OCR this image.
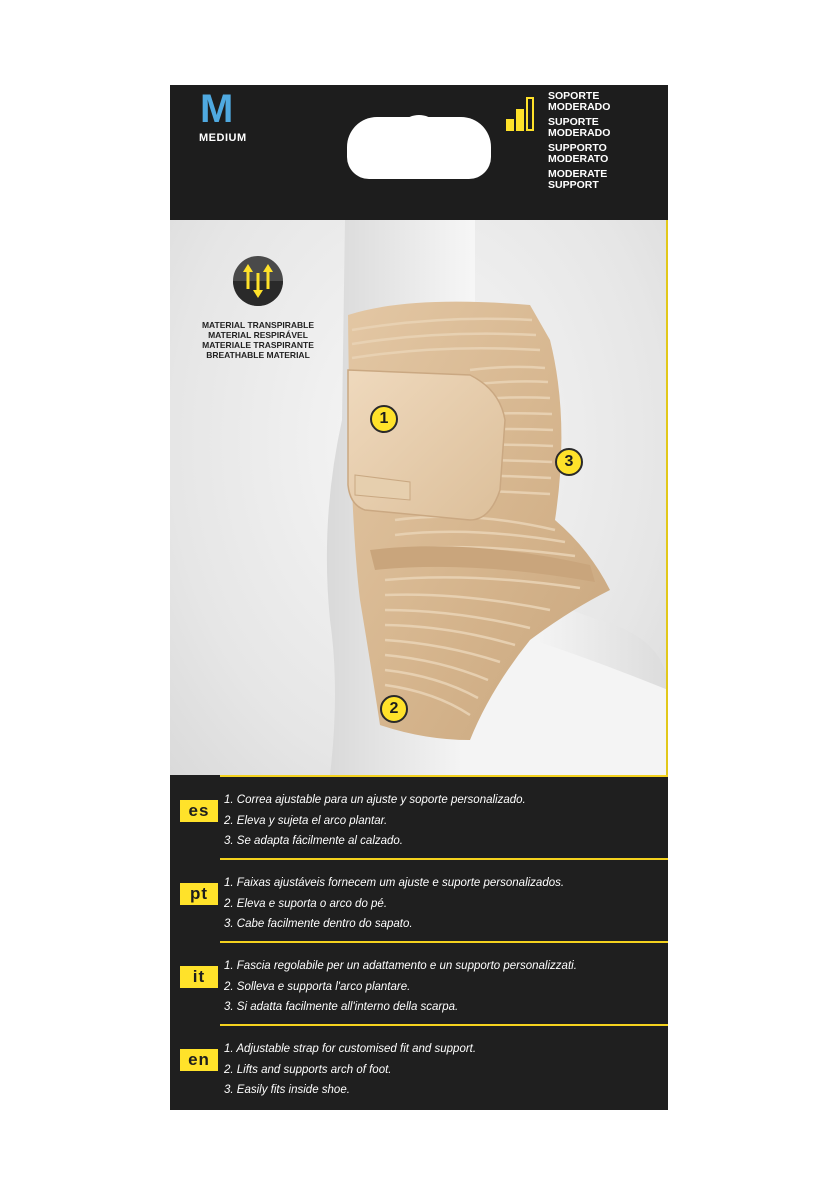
M
MEDIUM
SOPORTE MODERADO
SUPORTE MODERADO
SUPPORTO MODERATO
MODERATE SUPPORT
MATERIAL TRANSPIRABLE
MATERIAL RESPIRÁVEL
MATERIALE TRASPIRANTE
BREATHABLE MATERIAL
1
2
3
es
1. Correa ajustable para un ajuste y soporte personalizado.
2. Eleva y sujeta el arco plantar.
3. Se adapta fácilmente al calzado.
pt
1. Faixas ajustáveis fornecem um ajuste e suporte personalizados.
2. Eleva e suporta o arco do pé.
3. Cabe facilmente dentro do sapato.
it
1. Fascia regolabile per un adattamento e un supporto personalizzati.
2. Solleva e supporta l'arco plantare.
3. Si adatta facilmente all'interno della scarpa.
en
1. Adjustable strap for customised fit and support.
2. Lifts and supports arch of foot.
3. Easily fits inside shoe.
